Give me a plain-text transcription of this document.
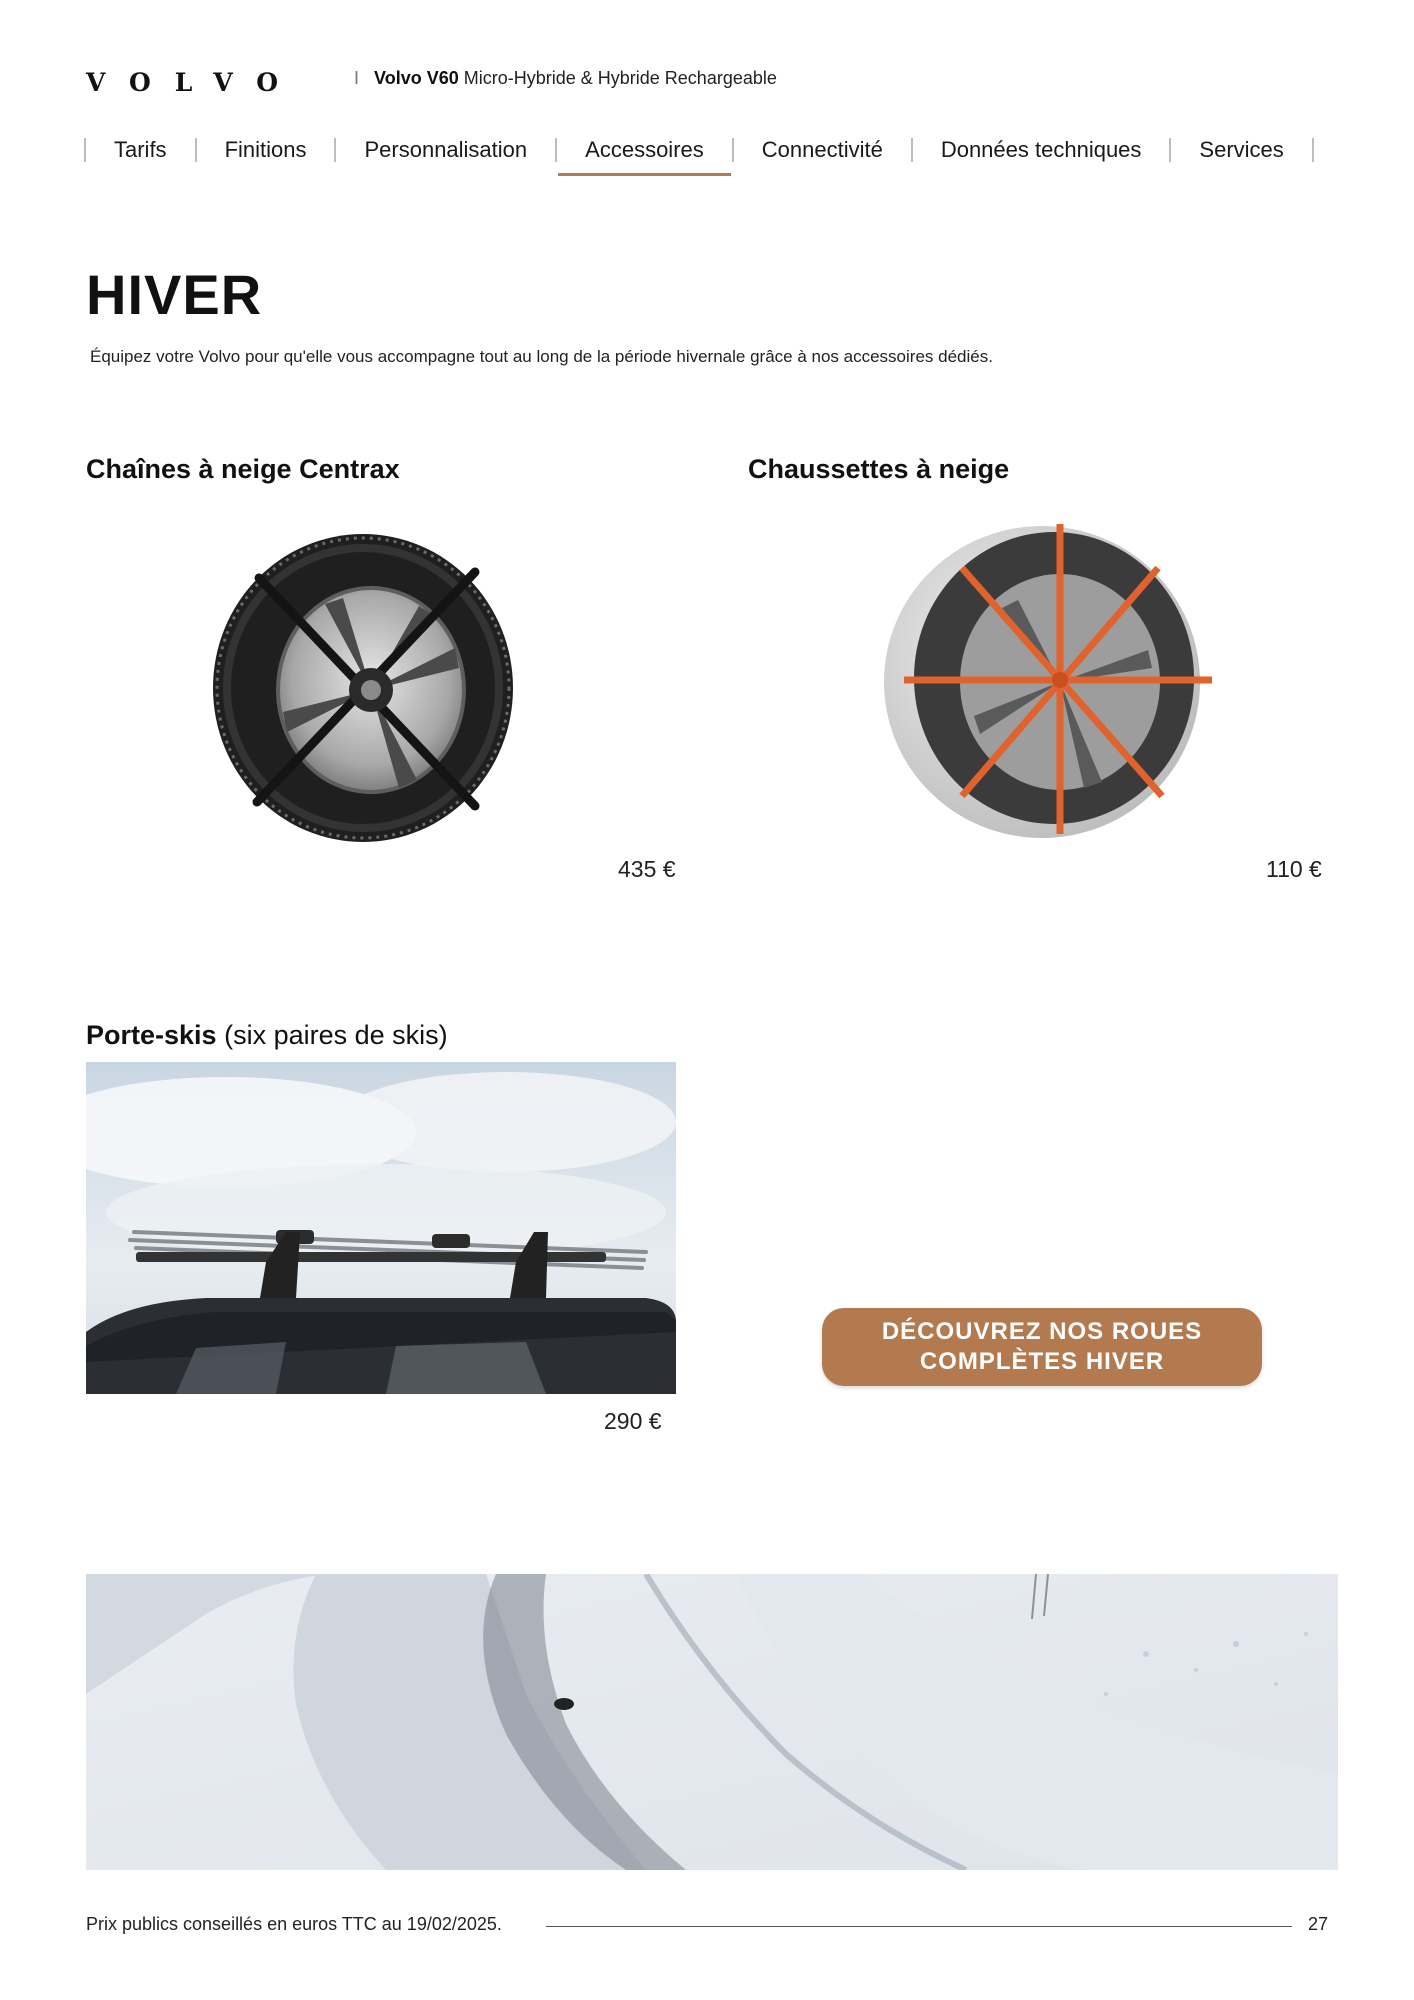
VOLVO	I Volvo V60 Micro-Hybride & Hybride Rechargeable
Tarifs	Finitions	Personnalisation	Accessoires	Connectivité	Données techniques	Services
HIVER
Équipez votre Volvo pour qu'elle vous accompagne tout au long de la période hivernale grâce à nos accessoires dédiés.
Chaînes à neige Centrax
435 €
Chaussettes à neige
110 €
Porte-skis (six paires de skis)
290 €
DÉCOUVREZ NOS ROUES
COMPLÈTES HIVER
Prix publics conseillés en euros TTC au 19/02/2025.	27
